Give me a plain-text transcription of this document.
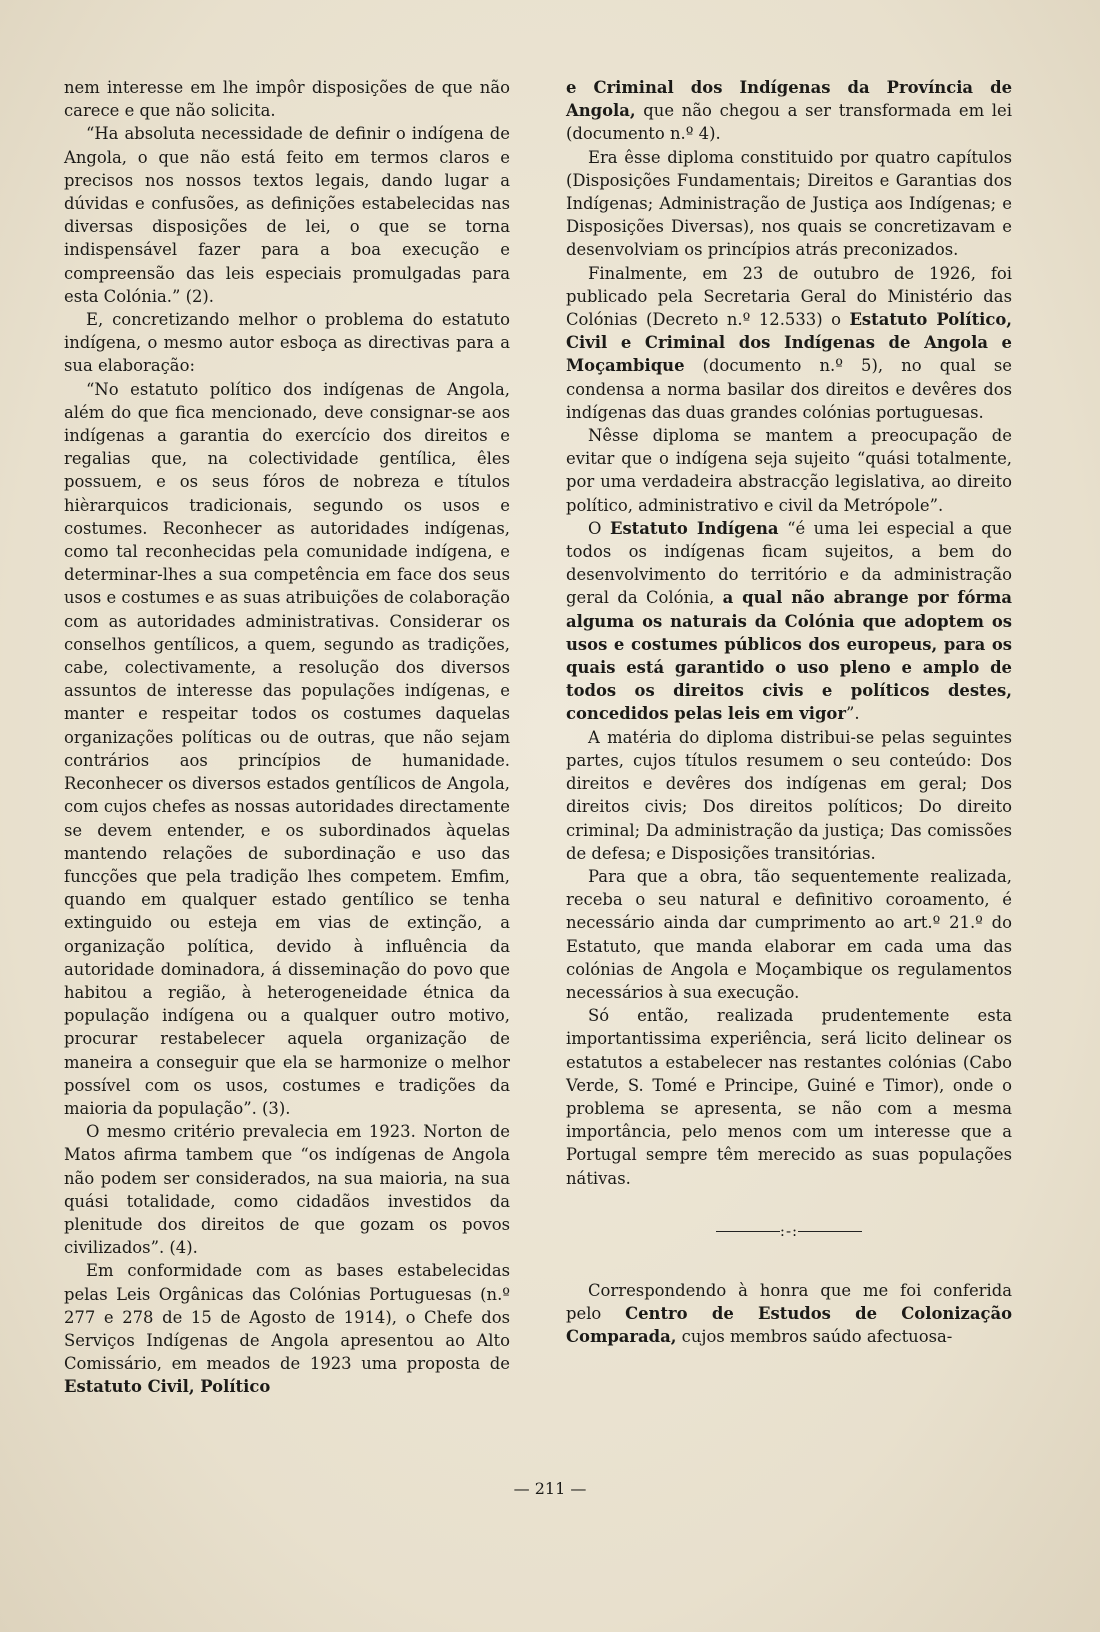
nem interesse em lhe impôr disposições de que não carece e que não solicita.

“Ha absoluta necessidade de definir o indígena de Angola, o que não está feito em termos claros e precisos nos nossos textos legais, dando lugar a dúvidas e confusões, as definições estabelecidas nas diversas disposições de lei, o que se torna indispensável fazer para a boa execução e compreensão das leis especiais promulgadas para esta Colónia.” (2).

E, concretizando melhor o problema do estatuto indígena, o mesmo autor esboça as directivas para a sua elaboração:

“No estatuto político dos indígenas de Angola, além do que fica mencionado, deve consignar-se aos indígenas a garantia do exercício dos direitos e regalias que, na colectividade gentílica, êles possuem, e os seus fóros de nobreza e títulos hièrarquicos tradicionais, segundo os usos e costumes. Reconhecer as autoridades indígenas, como tal reconhecidas pela comunidade indígena, e determinar-lhes a sua competência em face dos seus usos e costumes e as suas atribuições de colaboração com as autoridades administrativas. Considerar os conselhos gentílicos, a quem, segundo as tradições, cabe, colectivamente, a resolução dos diversos assuntos de interesse das populações indígenas, e manter e respeitar todos os costumes daquelas organizações políticas ou de outras, que não sejam contrários aos princípios de humanidade. Reconhecer os diversos estados gentílicos de Angola, com cujos chefes as nossas autoridades directamente se devem entender, e os subordinados àquelas mantendo relações de subordinação e uso das funcções que pela tradição lhes competem. Emfim, quando em qualquer estado gentílico se tenha extinguido ou esteja em vias de extinção, a organização política, devido à influência da autoridade dominadora, á disseminação do povo que habitou a região, à heterogeneidade étnica da população indígena ou a qualquer outro motivo, procurar restabelecer aquela organização de maneira a conseguir que ela se harmonize o melhor possível com os usos, costumes e tradições da maioria da população”. (3).

O mesmo critério prevalecia em 1923. Norton de Matos afirma tambem que “os indígenas de Angola não podem ser considerados, na sua maioria, na sua quási totalidade, como cidadãos investidos da plenitude dos direitos de que gozam os povos civilizados”. (4).

Em conformidade com as bases estabelecidas pelas Leis Orgânicas das Colónias Portuguesas (n.º 277 e 278 de 15 de Agosto de 1914), o Chefe dos Serviços Indígenas de Angola apresentou ao Alto Comissário, em meados de 1923 uma proposta de Estatuto Civil, Político

e Criminal dos Indígenas da Província de Angola, que não chegou a ser transformada em lei (documento n.º 4).

Era êsse diploma constituido por quatro capítulos (Disposições Fundamentais; Direitos e Garantias dos Indígenas; Administração de Justiça aos Indígenas; e Disposições Diversas), nos quais se concretizavam e desenvolviam os princípios atrás preconizados.

Finalmente, em 23 de outubro de 1926, foi publicado pela Secretaria Geral do Ministério das Colónias (Decreto n.º 12.533) o Estatuto Político, Civil e Criminal dos Indígenas de Angola e Moçambique (documento n.º 5), no qual se condensa a norma basilar dos direitos e devêres dos indígenas das duas grandes colónias portuguesas.

Nêsse diploma se mantem a preocupação de evitar que o indígena seja sujeito “quási totalmente, por uma verdadeira abstracção legislativa, ao direito político, administrativo e civil da Metrópole”.

O Estatuto Indígena “é uma lei especial a que todos os indígenas ficam sujeitos, a bem do desenvolvimento do território e da administração geral da Colónia, a qual não abrange por fórma alguma os naturais da Colónia que adoptem os usos e costumes públicos dos europeus, para os quais está garantido o uso pleno e amplo de todos os direitos civis e políticos destes, concedidos pelas leis em vigor”.

A matéria do diploma distribui-se pelas seguintes partes, cujos títulos resumem o seu conteúdo: Dos direitos e devêres dos indígenas em geral; Dos direitos civis; Dos direitos políticos; Do direito criminal; Da administração da justiça; Das comissões de defesa; e Disposições transitórias.

Para que a obra, tão sequentemente realizada, receba o seu natural e definitivo coroamento, é necessário ainda dar cumprimento ao art.º 21.º do Estatuto, que manda elaborar em cada uma das colónias de Angola e Moçambique os regulamentos necessários à sua execução.

Só então, realizada prudentemente esta importantissima experiência, será licito delinear os estatutos a estabelecer nas restantes colónias (Cabo Verde, S. Tomé e Principe, Guiné e Timor), onde o problema se apresenta, se não com a mesma importância, pelo menos com um interesse que a Portugal sempre têm merecido as suas populações nátivas.

:-:

Correspondendo à honra que me foi conferida pelo Centro de Estudos de Colonização Comparada, cujos membros saúdo afectuosa-

— 211 —
